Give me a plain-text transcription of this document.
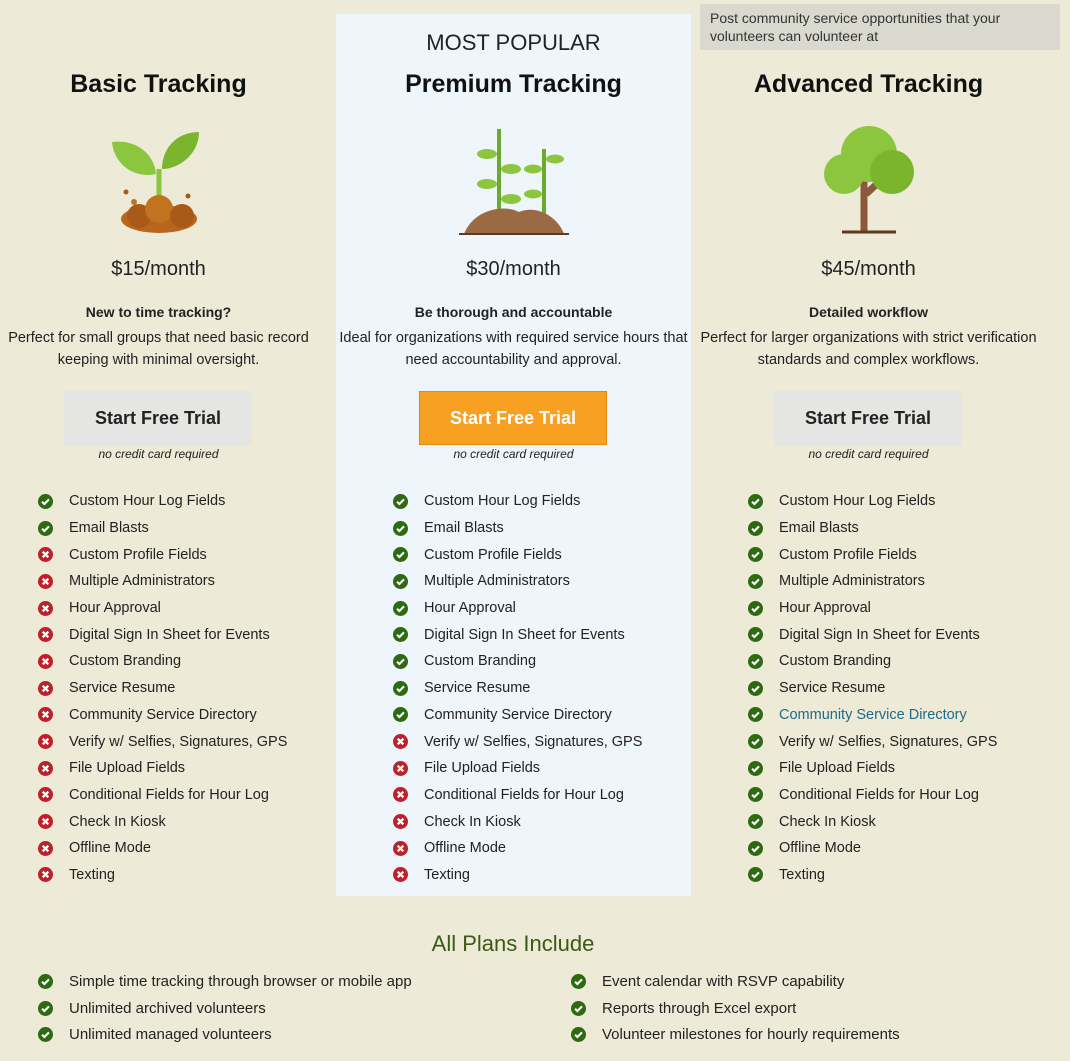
Basic Tracking
$15/month
New to time tracking?
Perfect for small groups that need basic record keeping with minimal oversight.
Start Free Trial
no credit card required
Custom Hour Log Fields
Email Blasts
Custom Profile Fields
Multiple Administrators
Hour Approval
Digital Sign In Sheet for Events
Custom Branding
Service Resume
Community Service Directory
Verify w/ Selfies, Signatures, GPS
File Upload Fields
Conditional Fields for Hour Log
Check In Kiosk
Offline Mode
Texting
MOST POPULAR
Premium Tracking
$30/month
Be thorough and accountable
Ideal for organizations with required service hours that need accountability and approval.
Start Free Trial
no credit card required
Custom Hour Log Fields
Email Blasts
Custom Profile Fields
Multiple Administrators
Hour Approval
Digital Sign In Sheet for Events
Custom Branding
Service Resume
Community Service Directory
Verify w/ Selfies, Signatures, GPS
File Upload Fields
Conditional Fields for Hour Log
Check In Kiosk
Offline Mode
Texting
Advanced Tracking
$45/month
Detailed workflow
Perfect for larger organizations with strict verification standards and complex workflows.
Start Free Trial
no credit card required
Custom Hour Log Fields
Email Blasts
Custom Profile Fields
Multiple Administrators
Hour Approval
Digital Sign In Sheet for Events
Custom Branding
Service Resume
Community Service Directory
Verify w/ Selfies, Signatures, GPS
File Upload Fields
Conditional Fields for Hour Log
Check In Kiosk
Offline Mode
Texting
Post community service opportunities that your volunteers can volunteer at
All Plans Include
Simple time tracking through browser or mobile app
Unlimited archived volunteers
Unlimited managed volunteers
Event calendar with RSVP capability
Reports through Excel export
Volunteer milestones for hourly requirements
